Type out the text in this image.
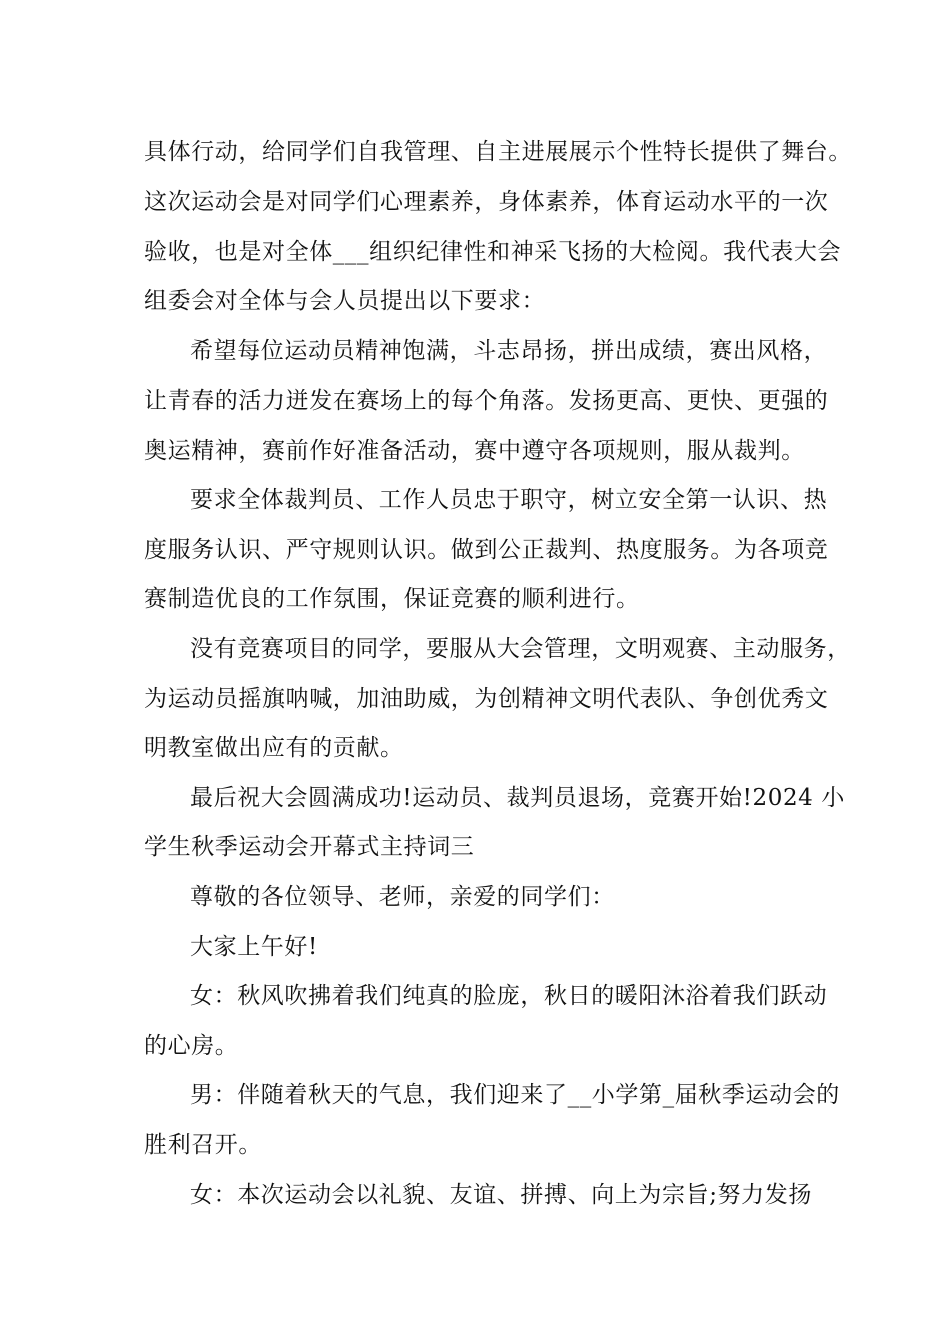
具体行动，给同学们自我管理、自主进展展示个性特长提供了舞台。
这次运动会是对同学们心理素养，身体素养，体育运动水平的一次
验收，也是对全体___组织纪律性和神采飞扬的大检阅。我代表大会
组委会对全体与会人员提出以下要求：
希望每位运动员精神饱满，斗志昂扬，拼出成绩，赛出风格，
让青春的活力迸发在赛场上的每个角落。发扬更高、更快、更强的
奥运精神，赛前作好准备活动，赛中遵守各项规则，服从裁判。
要求全体裁判员、工作人员忠于职守，树立安全第一认识、热
度服务认识、严守规则认识。做到公正裁判、热度服务。为各项竞
赛制造优良的工作氛围，保证竞赛的顺利进行。
没有竞赛项目的同学，要服从大会管理，文明观赛、主动服务，
为运动员摇旗呐喊，加油助威，为创精神文明代表队、争创优秀文
明教室做出应有的贡献。
最后祝大会圆满成功!运动员、裁判员退场，竞赛开始!2024 小
学生秋季运动会开幕式主持词三
尊敬的各位领导、老师，亲爱的同学们：
大家上午好!
女：秋风吹拂着我们纯真的脸庞，秋日的暖阳沐浴着我们跃动
的心房。
男：伴随着秋天的气息，我们迎来了__小学第_届秋季运动会的
胜利召开。
女：本次运动会以礼貌、友谊、拼搏、向上为宗旨;努力发扬
